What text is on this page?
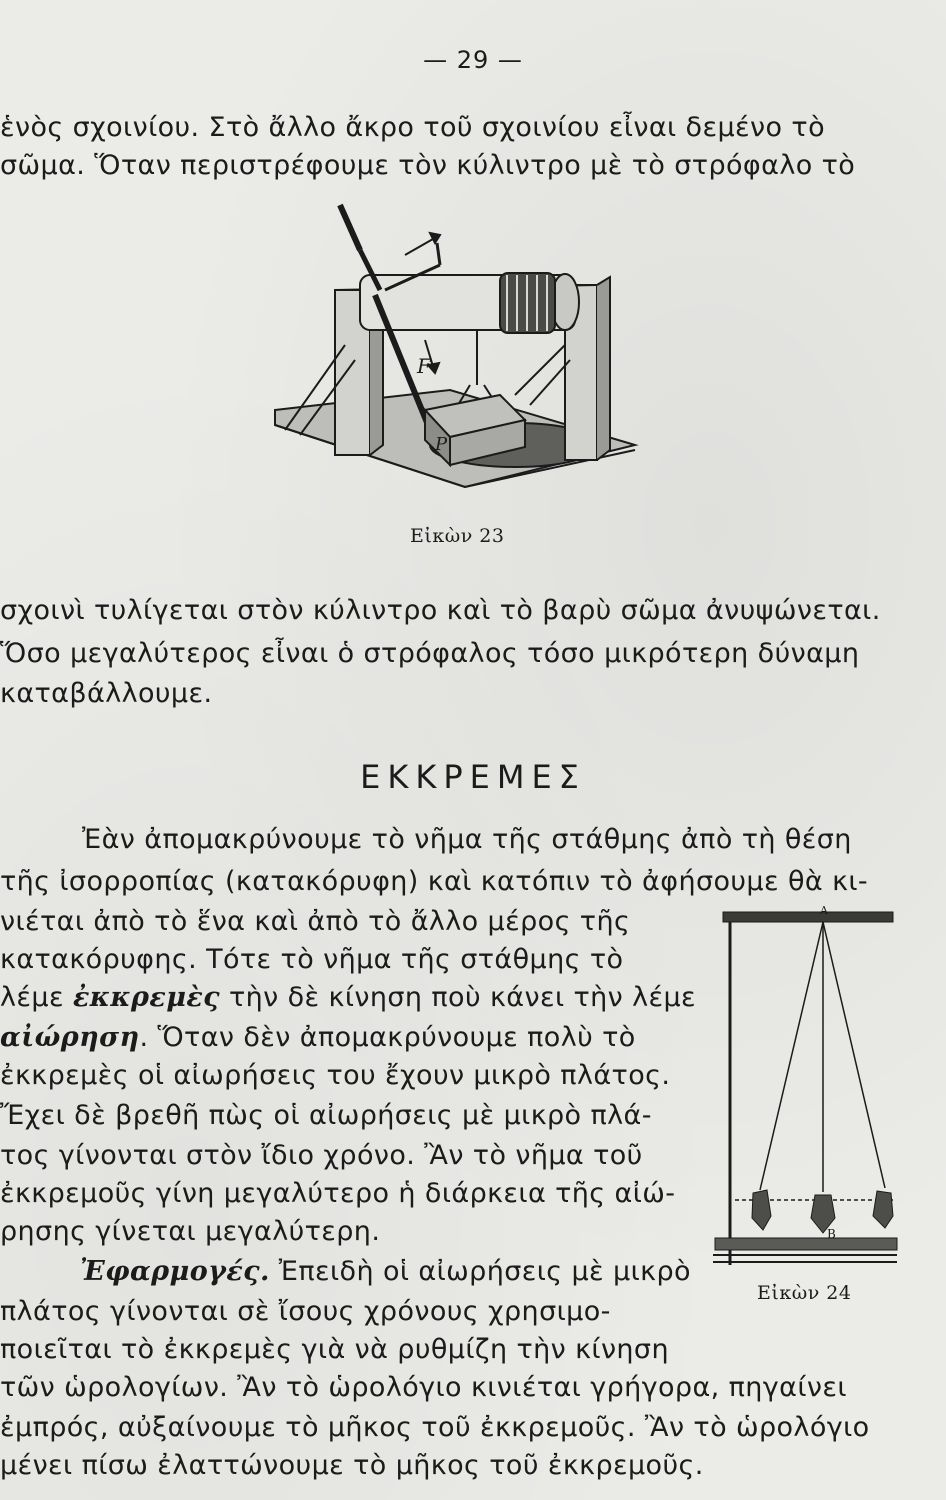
— 29 —
ἑνὸς σχοινίου. Στὸ ἄλλο ἄκρο τοῦ σχοινίου εἶναι δεμένο τὸ
σῶμα. Ὅταν περιστρέφουμε τὸν κύλιντρο μὲ τὸ στρόφαλο τὸ
F
P
Εἰκὼν 23
σχοινὶ τυλίγεται στὸν κύλιντρο καὶ τὸ βαρὺ σῶμα ἀνυψώνεται.
Ὅσο μεγαλύτερος εἶναι ὁ στρόφαλος τόσο μικρότερη δύναμη
καταβάλλουμε.
ΕΚΚΡΕΜΕΣ
Ἐὰν ἀπομακρύνουμε τὸ νῆμα τῆς στάθμης ἀπὸ τὴ θέση
τῆς ἰσορροπίας (κατακόρυφη) καὶ κατόπιν τὸ ἀφήσουμε θὰ κι-
νιέται ἀπὸ τὸ ἕνα καὶ ἀπὸ τὸ ἄλλο μέρος τῆς
κατακόρυφης. Τότε τὸ νῆμα τῆς στάθμης τὸ
λέμε ἐκκρεμὲς τὴν δὲ κίνηση ποὺ κάνει τὴν λέμε
αἰώρηση. Ὅταν δὲν ἀπομακρύνουμε πολὺ τὸ
ἐκκρεμὲς οἱ αἰωρήσεις του ἔχουν μικρὸ πλάτος.
Ἔχει δὲ βρεθῆ πὼς οἱ αἰωρήσεις μὲ μικρὸ πλά-
τος γίνονται στὸν ἴδιο χρόνο. Ἂν τὸ νῆμα τοῦ
ἐκκρεμοῦς γίνη μεγαλύτερο ἡ διάρκεια τῆς αἰώ-
ρησης γίνεται μεγαλύτερη.
Ἐφαρμογές. Ἐπειδὴ οἱ αἰωρήσεις μὲ μικρὸ
πλάτος γίνονται σὲ ἴσους χρόνους χρησιμο-
ποιεῖται τὸ ἐκκρεμὲς γιὰ νὰ ρυθμίζη τὴν κίνηση
τῶν ὡρολογίων. Ἂν τὸ ὡρολόγιο κινιέται γρήγορα, πηγαίνει
ἐμπρός, αὐξαίνουμε τὸ μῆκος τοῦ ἐκκρεμοῦς. Ἂν τὸ ὡρολόγιο
μένει πίσω ἐλαττώνουμε τὸ μῆκος τοῦ ἐκκρεμοῦς.
A
B
Εἰκὼν 24
